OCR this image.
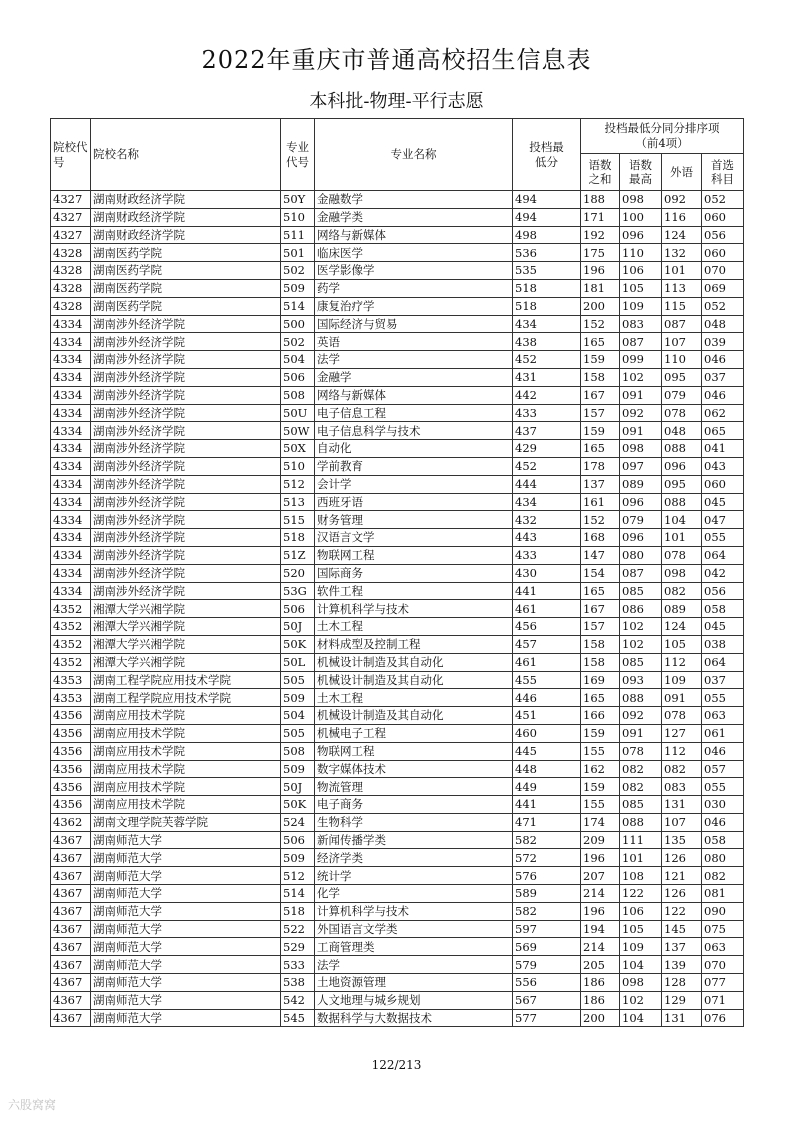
2022年重庆市普通高校招生信息表
本科批-物理-平行志愿
院校代号	院校名称	专业代号	专业名称	投档最低分	投档最低分同分排序项（前4项）			
					语数之和	语数最高	外语	首选科目
4327	湖南财政经济学院	50Y	金融数学	494	188	098	092	052
4327	湖南财政经济学院	510	金融学类	494	171	100	116	060
4327	湖南财政经济学院	511	网络与新媒体	498	192	096	124	056
4328	湖南医药学院	501	临床医学	536	175	110	132	060
4328	湖南医药学院	502	医学影像学	535	196	106	101	070
4328	湖南医药学院	509	药学	518	181	105	113	069
4328	湖南医药学院	514	康复治疗学	518	200	109	115	052
4334	湖南涉外经济学院	500	国际经济与贸易	434	152	083	087	048
4334	湖南涉外经济学院	502	英语	438	165	087	107	039
4334	湖南涉外经济学院	504	法学	452	159	099	110	046
4334	湖南涉外经济学院	506	金融学	431	158	102	095	037
4334	湖南涉外经济学院	508	网络与新媒体	442	167	091	079	046
4334	湖南涉外经济学院	50U	电子信息工程	433	157	092	078	062
4334	湖南涉外经济学院	50W	电子信息科学与技术	437	159	091	048	065
4334	湖南涉外经济学院	50X	自动化	429	165	098	088	041
4334	湖南涉外经济学院	510	学前教育	452	178	097	096	043
4334	湖南涉外经济学院	512	会计学	444	137	089	095	060
4334	湖南涉外经济学院	513	西班牙语	434	161	096	088	045
4334	湖南涉外经济学院	515	财务管理	432	152	079	104	047
4334	湖南涉外经济学院	518	汉语言文学	443	168	096	101	055
4334	湖南涉外经济学院	51Z	物联网工程	433	147	080	078	064
4334	湖南涉外经济学院	520	国际商务	430	154	087	098	042
4334	湖南涉外经济学院	53G	软件工程	441	165	085	082	056
4352	湘潭大学兴湘学院	506	计算机科学与技术	461	167	086	089	058
4352	湘潭大学兴湘学院	50J	土木工程	456	157	102	124	045
4352	湘潭大学兴湘学院	50K	材料成型及控制工程	457	158	102	105	038
4352	湘潭大学兴湘学院	50L	机械设计制造及其自动化	461	158	085	112	064
4353	湖南工程学院应用技术学院	505	机械设计制造及其自动化	455	169	093	109	037
4353	湖南工程学院应用技术学院	509	土木工程	446	165	088	091	055
4356	湖南应用技术学院	504	机械设计制造及其自动化	451	166	092	078	063
4356	湖南应用技术学院	505	机械电子工程	460	159	091	127	061
4356	湖南应用技术学院	508	物联网工程	445	155	078	112	046
4356	湖南应用技术学院	509	数字媒体技术	448	162	082	082	057
4356	湖南应用技术学院	50J	物流管理	449	159	082	083	055
4356	湖南应用技术学院	50K	电子商务	441	155	085	131	030
4362	湖南文理学院芙蓉学院	524	生物科学	471	174	088	107	046
4367	湖南师范大学	506	新闻传播学类	582	209	111	135	058
4367	湖南师范大学	509	经济学类	572	196	101	126	080
4367	湖南师范大学	512	统计学	576	207	108	121	082
4367	湖南师范大学	514	化学	589	214	122	126	081
4367	湖南师范大学	518	计算机科学与技术	582	196	106	122	090
4367	湖南师范大学	522	外国语言文学类	597	194	105	145	075
4367	湖南师范大学	529	工商管理类	569	214	109	137	063
4367	湖南师范大学	533	法学	579	205	104	139	070
4367	湖南师范大学	538	土地资源管理	556	186	098	128	077
4367	湖南师范大学	542	人文地理与城乡规划	567	186	102	129	071
4367	湖南师范大学	545	数据科学与大数据技术	577	200	104	131	076
122/213
六股窝窝
